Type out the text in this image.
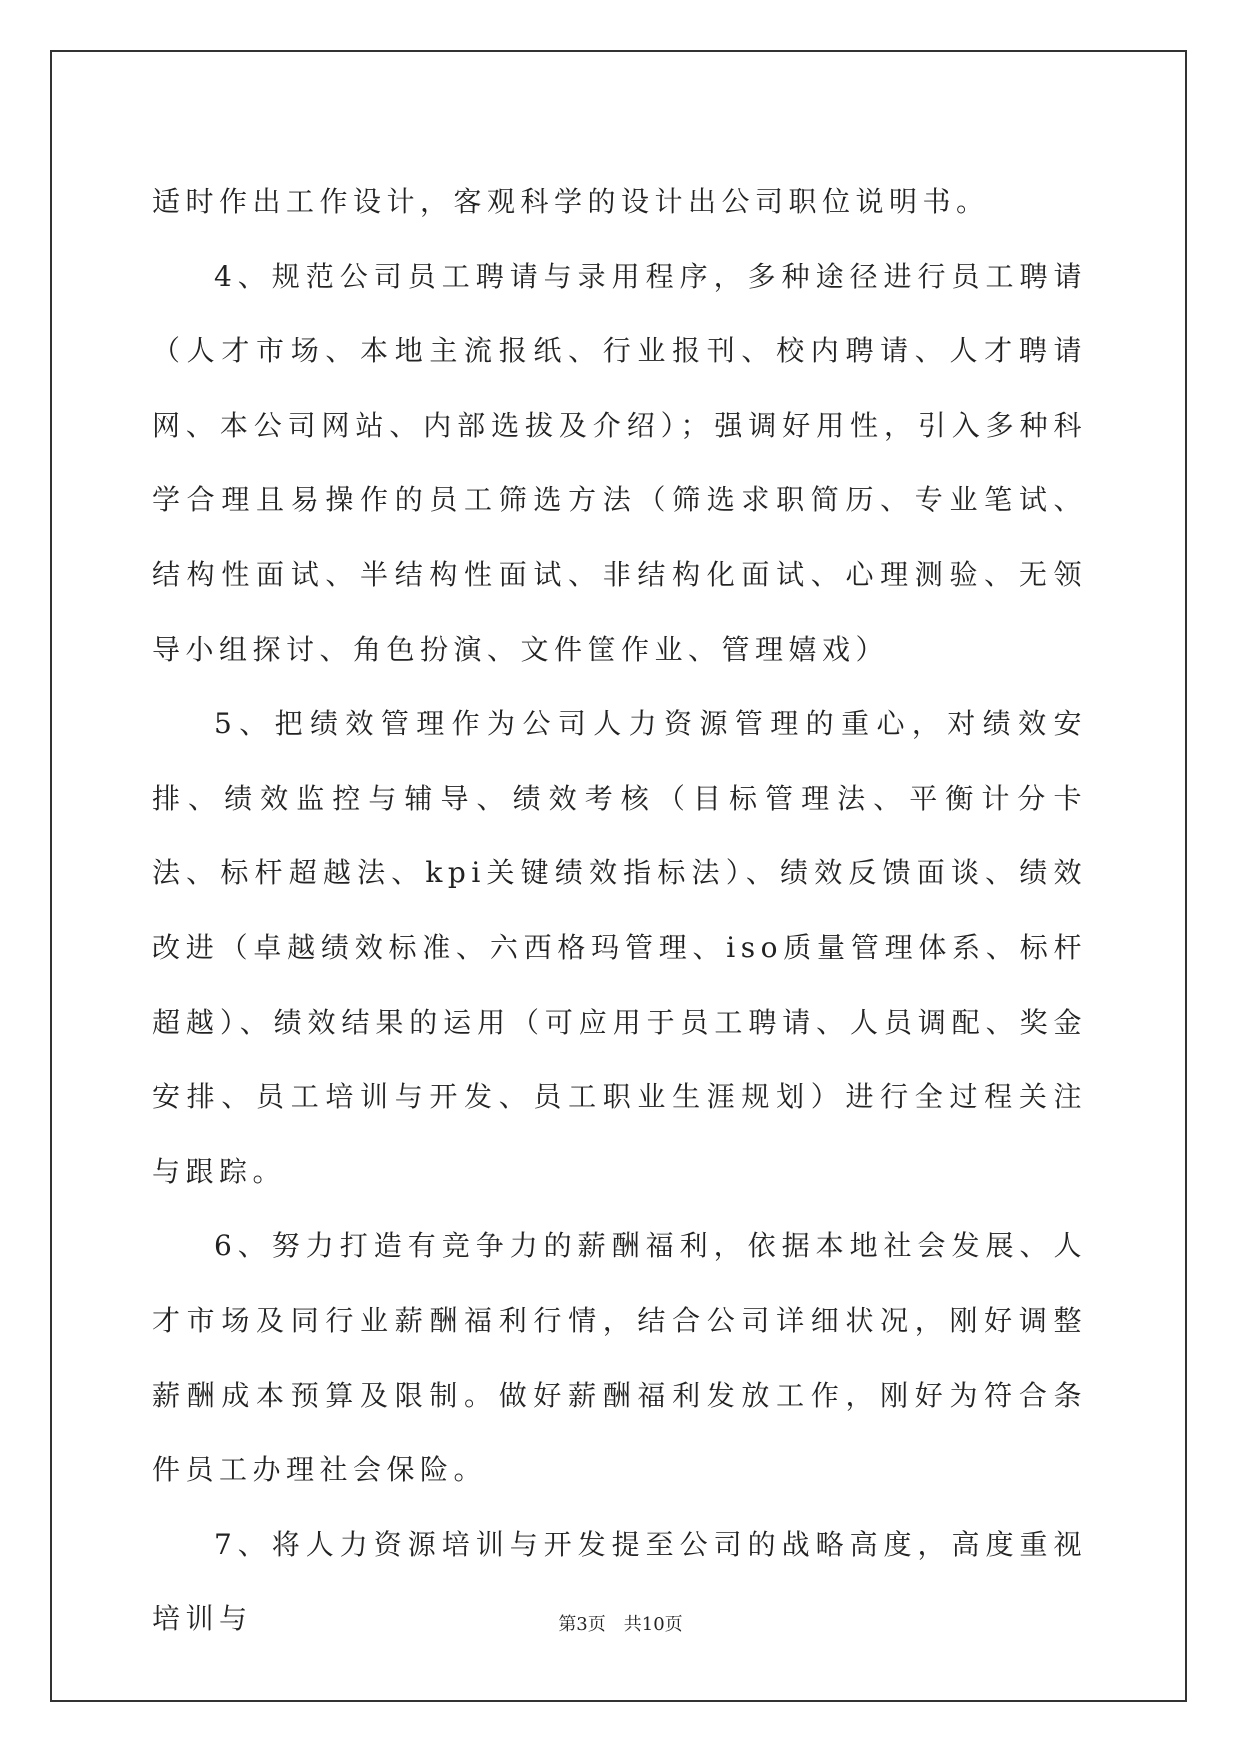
适时作出工作设计，客观科学的设计出公司职位说明书。

4、规范公司员工聘请与录用程序，多种途径进行员工聘请（人才市场、本地主流报纸、行业报刊、校内聘请、人才聘请网、本公司网站、内部选拔及介绍）；强调好用性，引入多种科学合理且易操作的员工筛选方法（筛选求职简历、专业笔试、结构性面试、半结构性面试、非结构化面试、心理测验、无领导小组探讨、角色扮演、文件筐作业、管理嬉戏）

5、把绩效管理作为公司人力资源管理的重心，对绩效安排、绩效监控与辅导、绩效考核（目标管理法、平衡计分卡法、标杆超越法、kpi关键绩效指标法）、绩效反馈面谈、绩效改进（卓越绩效标准、六西格玛管理、iso质量管理体系、标杆超越）、绩效结果的运用（可应用于员工聘请、人员调配、奖金安排、员工培训与开发、员工职业生涯规划）进行全过程关注与跟踪。

6、努力打造有竞争力的薪酬福利，依据本地社会发展、人才市场及同行业薪酬福利行情，结合公司详细状况，刚好调整薪酬成本预算及限制。做好薪酬福利发放工作，刚好为符合条件员工办理社会保险。

7、将人力资源培训与开发提至公司的战略高度，高度重视培训与	第3页　共10页
